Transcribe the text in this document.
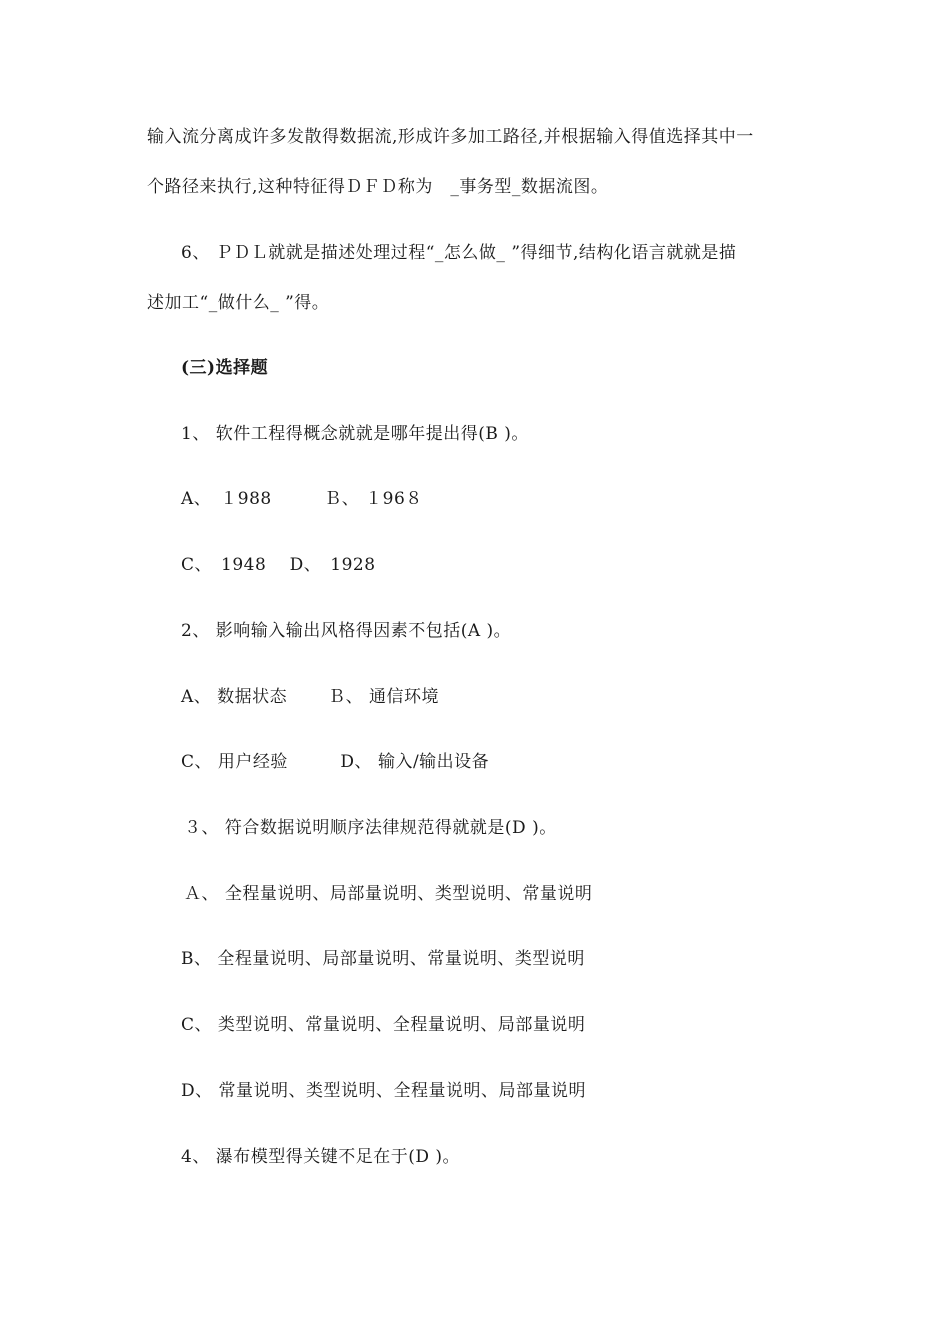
输入流分离成许多发散得数据流,形成许多加工路径,并根据输入得值选择其中一
个路径来执行,这种特征得ＤＦＤ称为　_事务型_数据流图。
6、 ＰＤＬ就就是描述处理过程“_怎么做_ ”得细节,结构化语言就就是描
述加工“_做什么_ ”得。
(三)选择题
1、 软件工程得概念就就是哪年提出得(B )。
A、　１988　　　Ｂ、 １96８
C、　1948　 D、　1928
2、 影响输入输出风格得因素不包括(A )。
A、 数据状态　　 Ｂ、 通信环境
C、 用户经验　　　D、 输入/输出设备
３、 符合数据说明顺序法律规范得就就是(D )。
Ａ、 全程量说明、局部量说明、类型说明、常量说明
B、 全程量说明、局部量说明、常量说明、类型说明
C、 类型说明、常量说明、全程量说明、局部量说明
D、 常量说明、类型说明、全程量说明、局部量说明
4、 瀑布模型得关键不足在于(D )。
